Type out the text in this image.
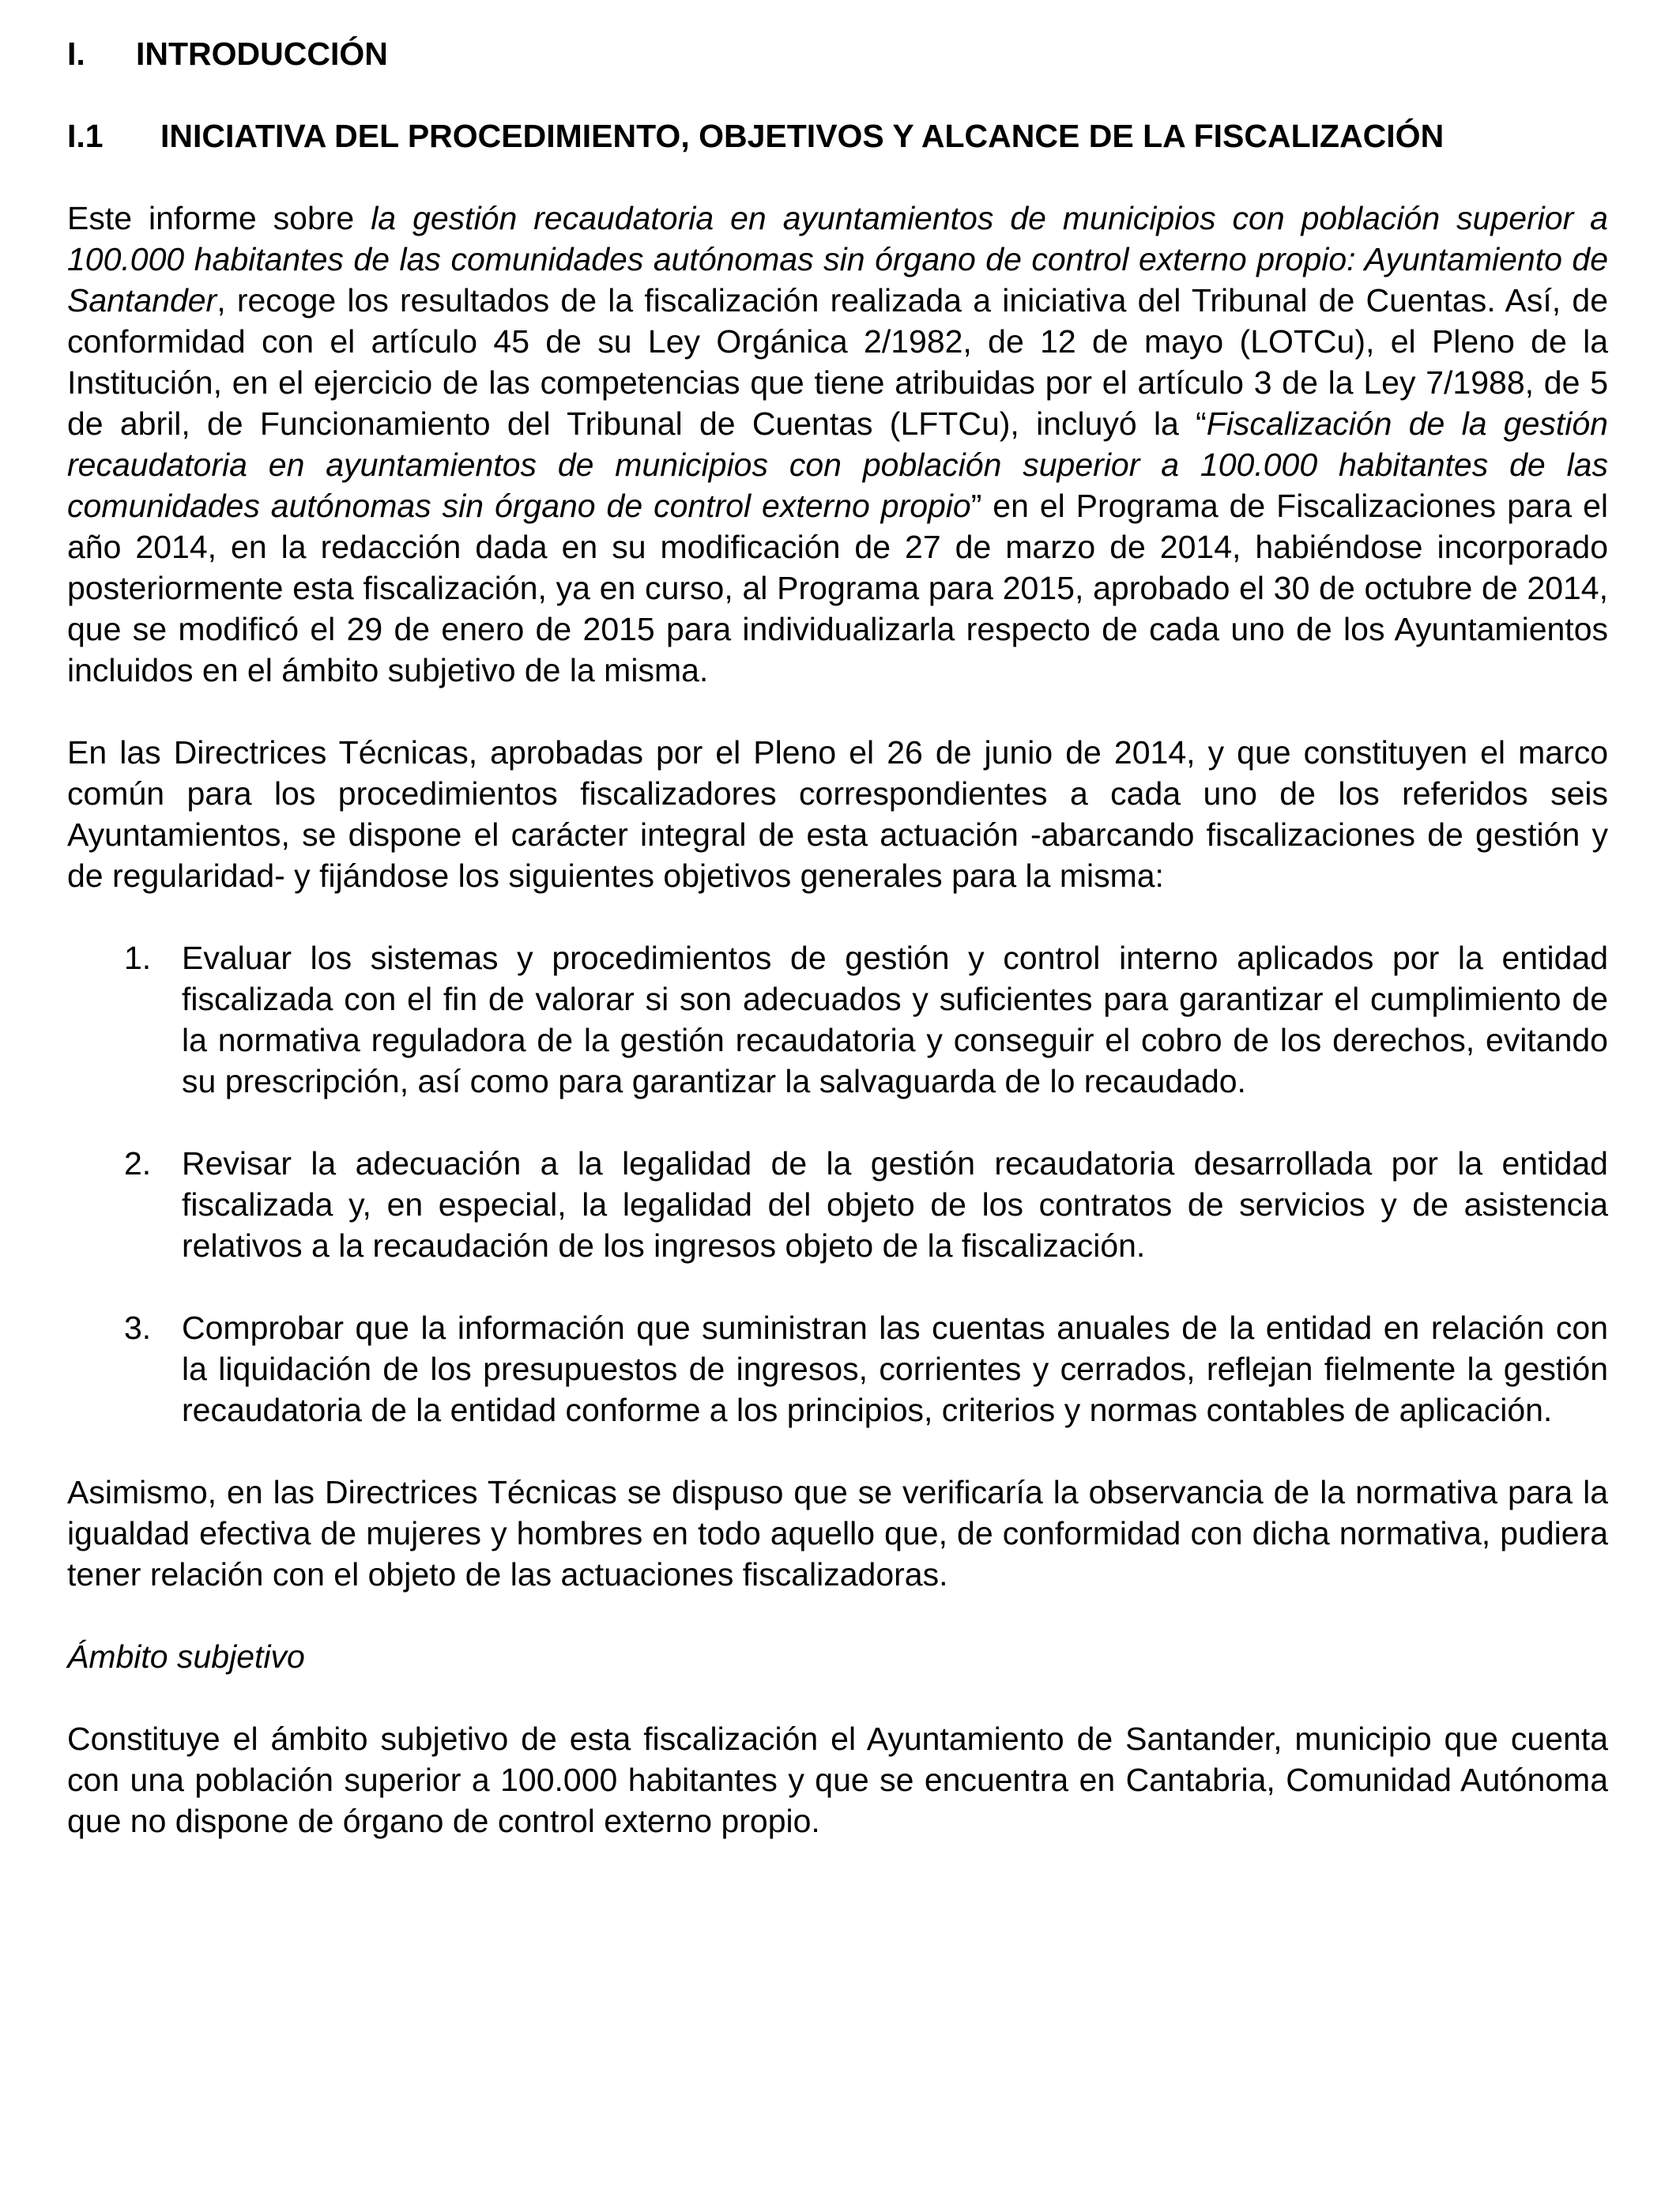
I.	INTRODUCCIÓN
I.1	INICIATIVA DEL PROCEDIMIENTO, OBJETIVOS Y ALCANCE DE LA FISCALIZACIÓN

Este informe sobre la gestión recaudatoria en ayuntamientos de municipios con población superior a 100.000 habitantes de las comunidades autónomas sin órgano de control externo propio: Ayuntamiento de Santander, recoge los resultados de la fiscalización realizada a iniciativa del Tribunal de Cuentas. Así, de conformidad con el artículo 45 de su Ley Orgánica 2/1982, de 12 de mayo (LOTCu), el Pleno de la Institución, en el ejercicio de las competencias que tiene atribuidas por el artículo 3 de la Ley 7/1988, de 5 de abril, de Funcionamiento del Tribunal de Cuentas (LFTCu), incluyó la “Fiscalización de la gestión recaudatoria en ayuntamientos de municipios con población superior a 100.000 habitantes de las comunidades autónomas sin órgano de control externo propio” en el Programa de Fiscalizaciones para el año 2014, en la redacción dada en su modificación de 27 de marzo de 2014, habiéndose incorporado posteriormente esta fiscalización, ya en curso, al Programa para 2015, aprobado el 30 de octubre de 2014, que se modificó el 29 de enero de 2015 para individualizarla respecto de cada uno de los Ayuntamientos incluidos en el ámbito subjetivo de la misma.

En las Directrices Técnicas, aprobadas por el Pleno el 26 de junio de 2014, y que constituyen el marco común para los procedimientos fiscalizadores correspondientes a cada uno de los referidos seis Ayuntamientos, se dispone el carácter integral de esta actuación -abarcando fiscalizaciones de gestión y de regularidad- y fijándose los siguientes objetivos generales para la misma:

1. Evaluar los sistemas y procedimientos de gestión y control interno aplicados por la entidad fiscalizada con el fin de valorar si son adecuados y suficientes para garantizar el cumplimiento de la normativa reguladora de la gestión recaudatoria y conseguir el cobro de los derechos, evitando su prescripción, así como para garantizar la salvaguarda de lo recaudado.
2. Revisar la adecuación a la legalidad de la gestión recaudatoria desarrollada por la entidad fiscalizada y, en especial, la legalidad del objeto de los contratos de servicios y de asistencia relativos a la recaudación de los ingresos objeto de la fiscalización.
3. Comprobar que la información que suministran las cuentas anuales de la entidad en relación con la liquidación de los presupuestos de ingresos, corrientes y cerrados, reflejan fielmente la gestión recaudatoria de la entidad conforme a los principios, criterios y normas contables de aplicación.

Asimismo, en las Directrices Técnicas se dispuso que se verificaría la observancia de la normativa para la igualdad efectiva de mujeres y hombres en todo aquello que, de conformidad con dicha normativa, pudiera tener relación con el objeto de las actuaciones fiscalizadoras.

Ámbito subjetivo

Constituye el ámbito subjetivo de esta fiscalización el Ayuntamiento de Santander, municipio que cuenta con una población superior a 100.000 habitantes y que se encuentra en Cantabria, Comunidad Autónoma que no dispone de órgano de control externo propio.
